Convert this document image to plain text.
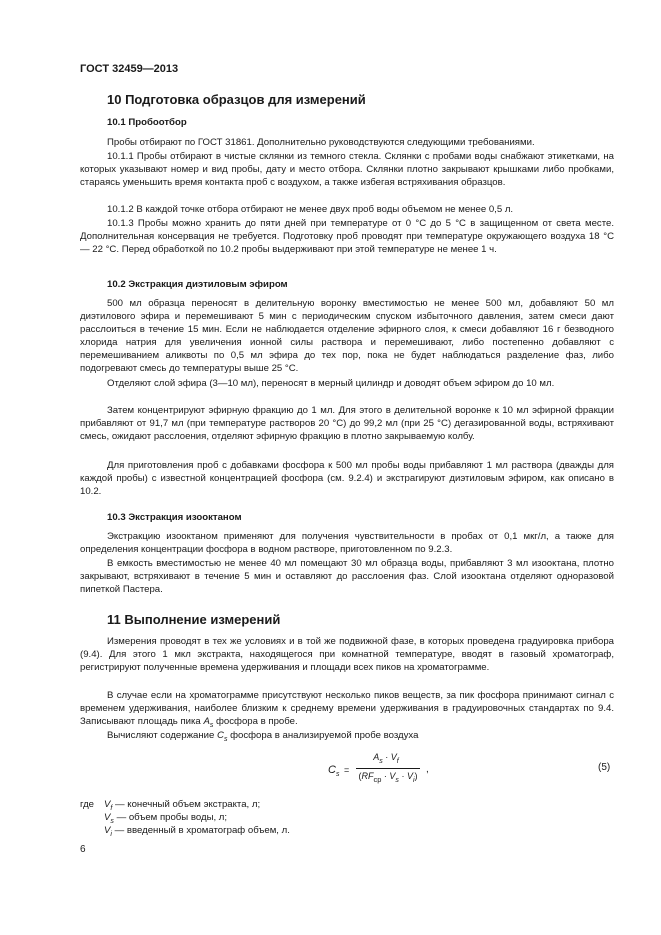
ГОСТ 32459—2013
10 Подготовка образцов для измерений
10.1 Пробоотбор

Пробы отбирают по ГОСТ 31861. Дополнительно руководствуются следующими требованиями.

10.1.1 Пробы отбирают в чистые склянки из темного стекла. Склянки с пробами воды снабжают этикетками, на которых указывают номер и вид пробы, дату и место отбора. Склянки плотно закрывают крышками либо пробками, стараясь уменьшить время контакта проб с воздухом, а также избегая встряхивания образцов.

10.1.2 В каждой точке отбора отбирают не менее двух проб воды объемом не менее 0,5 л.

10.1.3 Пробы можно хранить до пяти дней при температуре от 0 °С до 5 °С в защищенном от света месте. Дополнительная консервация не требуется. Подготовку проб проводят при температуре окружающего воздуха 18 °С — 22 °С. Перед обработкой по 10.2 пробы выдерживают при этой температуре не менее 1 ч.

10.2 Экстракция диэтиловым эфиром

500 мл образца переносят в делительную воронку вместимостью не менее 500 мл, добавляют 50 мл диэтилового эфира и перемешивают 5 мин с периодическим спуском избыточного давления, затем смеси дают расслоиться в течение 15 мин. Если не наблюдается отделение эфирного слоя, к смеси добавляют 16 г безводного хлорида натрия для увеличения ионной силы раствора и перемешивают, либо постепенно добавляют с перемешиванием аликвоты по 0,5 мл эфира до тех пор, пока не будет наблюдаться разделение фаз, либо подогревают смесь до температуры выше 25 °С.

Отделяют слой эфира (3—10 мл), переносят в мерный цилиндр и доводят объем эфиром до 10 мл.

Затем концентрируют эфирную фракцию до 1 мл. Для этого в делительной воронке к 10 мл эфирной фракции прибавляют от 91,7 мл (при температуре растворов 20 °С) до 99,2 мл (при 25 °С) дегазированной воды, встряхивают смесь, ожидают расслоения, отделяют эфирную фракцию в плотно закрываемую колбу.

Для приготовления проб с добавками фосфора к 500 мл пробы воды прибавляют 1 мл раствора (дважды для каждой пробы) с известной концентрацией фосфора (см. 9.2.4) и экстрагируют диэтиловым эфиром, как описано в 10.2.

10.3 Экстракция изооктаном

Экстракцию изооктаном применяют для получения чувствительности в пробах от 0,1 мкг/л, а также для определения концентрации фосфора в водном растворе, приготовленном по 9.2.3.

В емкость вместимостью не менее 40 мл помещают 30 мл образца воды, прибавляют 3 мл изооктана, плотно закрывают, встряхивают в течение 5 мин и оставляют до расслоения фаз. Слой изооктана отделяют одноразовой пипеткой Пастера.

11 Выполнение измерений

Измерения проводят в тех же условиях и в той же подвижной фазе, в которых проведена градуировка прибора (9.4). Для этого 1 мкл экстракта, находящегося при комнатной температуре, вводят в газовый хроматограф, регистрируют полученные времена удерживания и площади всех пиков на хроматограмме.

В случае если на хроматограмме присутствуют несколько пиков веществ, за пик фосфора принимают сигнал с временем удерживания, наиболее близким к среднему времени удерживания в градуировочных стандартах по 9.4. Записывают площадь пика $A_s$ фосфора в пробе.

Вычисляют содержание $C_s$ фосфора в анализируемой пробе воздуха

$C_s$ =
$A_s \cdot V_f$
$(RF_{ср} \cdot V_s \cdot V_i)$
,	(5)
где $V_f$ — конечный объем экстракта, л;
$V_s$ — объем пробы воды, л;
$V_i$ — введенный в хроматограф объем, л.
6
